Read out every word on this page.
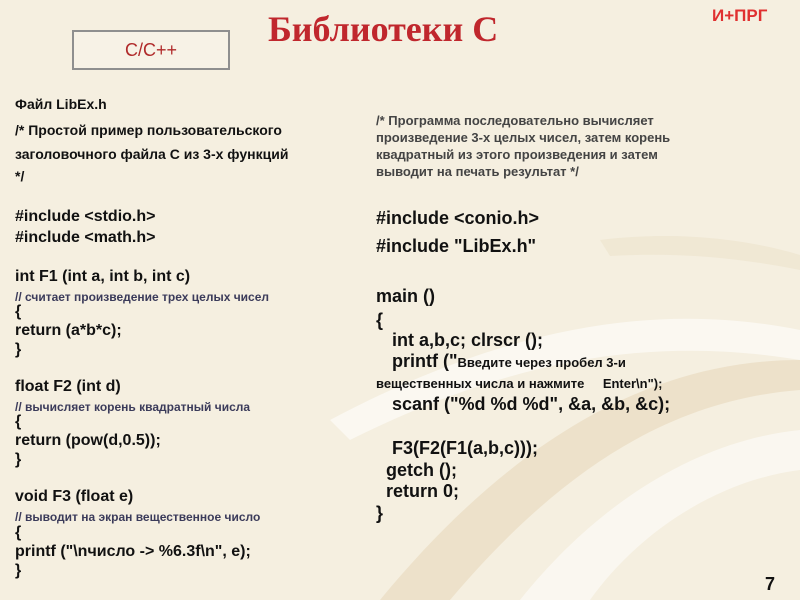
Библиотеки С	И+ПРГ
С/С++
Файл LibEx.h
/* Простой пример пользовательского
заголовочного файла С из 3-х функций
*/
#include <stdio.h>
#include <math.h>
int F1 (int a, int b, int c)
// считает произведение трех целых чисел
{
return (a*b*c);
}
float F2 (int d)
// вычисляет корень квадратный числа
{
return (pow(d,0.5));
}
void F3 (float e)
// выводит на экран вещественное число
{
printf ("\nчисло -> %6.3f\n", e);
}
/* Программа последовательно вычисляет
произведение 3-х целых чисел, затем корень
квадратный из этого произведения и затем
выводит на печать результат */
#include <conio.h>
#include "LibEx.h"
main ()
{
int a,b,c; clrscr ();
printf ("Введите через пробел 3-и
вещественных числа и нажмите Enter\n");
scanf ("%d %d %d", &a, &b, &c);
F3(F2(F1(a,b,c)));
getch ();
return 0;
}
7
